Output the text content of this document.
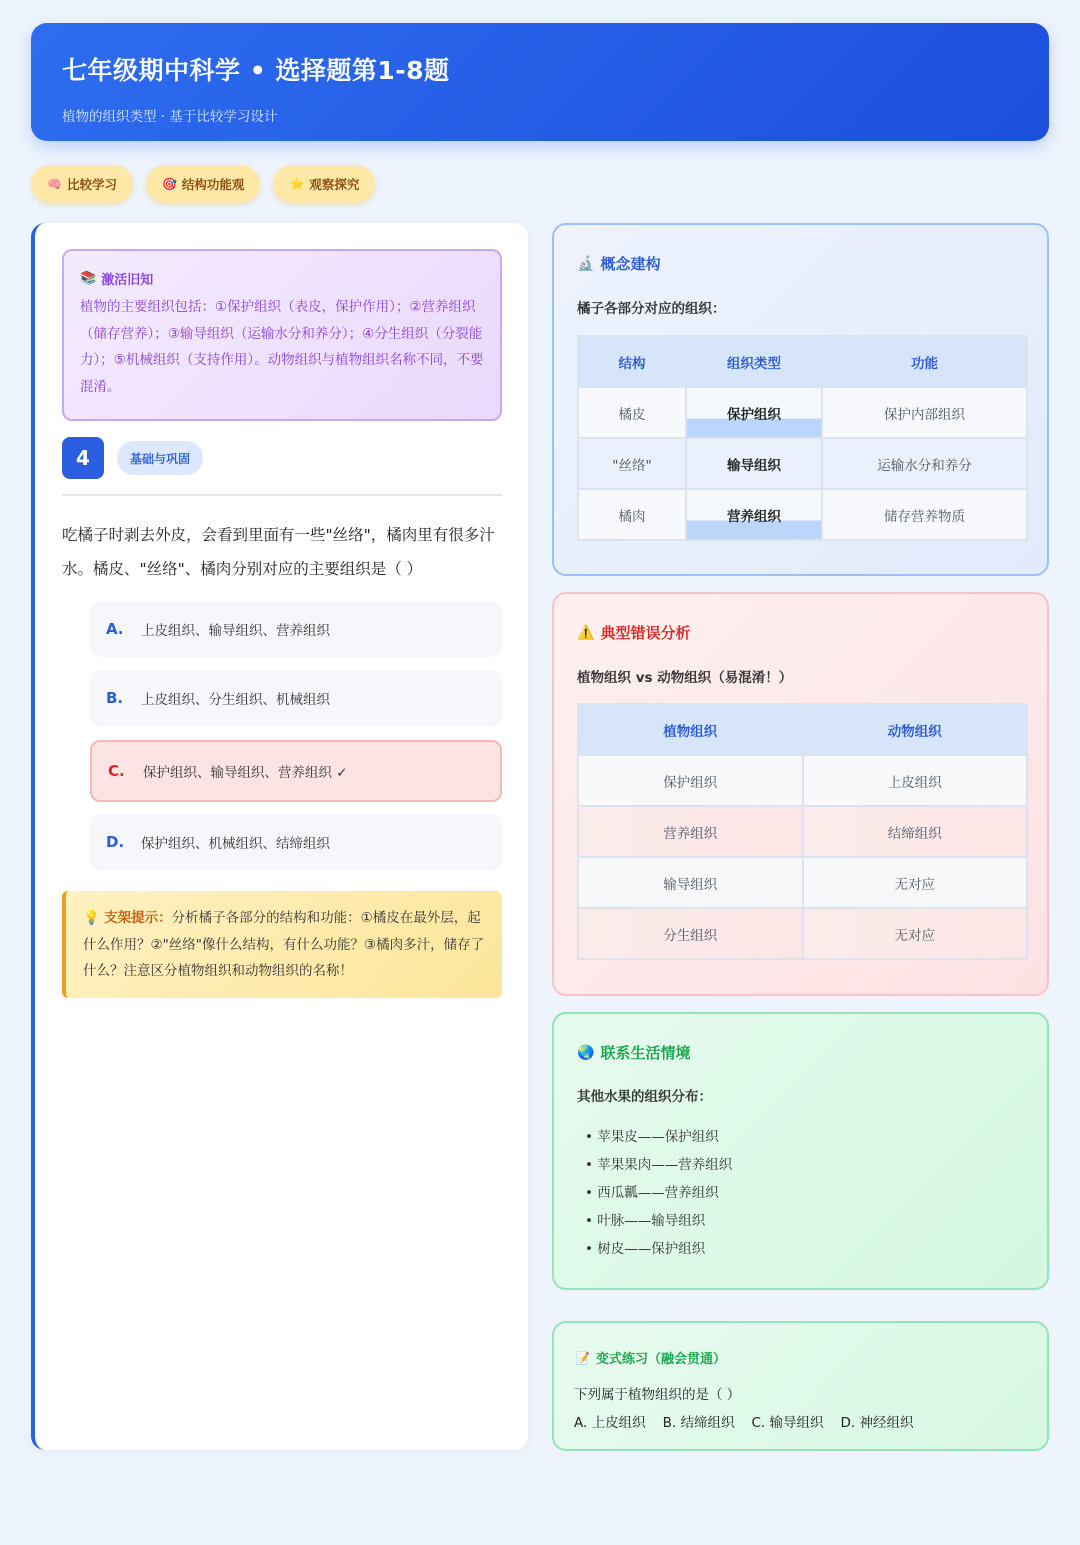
七年级期中科学 • 选择题第1-8题
植物的组织类型 · 基于比较学习设计
🧠 比较学习	🎯 结构功能观	⭐ 观察探究
📚 激活旧知
植物的主要组织包括：①保护组织（表皮，保护作用）；②营养组织（储存营养）；③输导组织（运输水分和养分）；④分生组织（分裂能力）；⑤机械组织（支持作用）。动物组织与植物组织名称不同，不要混淆。
4	基础与巩固
吃橘子时剥去外皮，会看到里面有一些"丝络"，橘肉里有很多汁水。橘皮、"丝络"、橘肉分别对应的主要组织是（ ）
A.	上皮组织、输导组织、营养组织
B.	上皮组织、分生组织、机械组织
C.	保护组织、输导组织、营养组织 ✓
D.	保护组织、机械组织、结缔组织
💡 支架提示：分析橘子各部分的结构和功能：①橘皮在最外层，起什么作用？②"丝络"像什么结构，有什么功能？③橘肉多汁，储存了什么？注意区分植物组织和动物组织的名称！
🔬 概念建构
橘子各部分对应的组织：
结构	组织类型	功能
橘皮	保护组织	保护内部组织
"丝络"	输导组织	运输水分和养分
橘肉	营养组织	储存营养物质
⚠️ 典型错误分析
植物组织 vs 动物组织（易混淆！）
植物组织	动物组织
保护组织	上皮组织
营养组织	结缔组织
输导组织	无对应
分生组织	无对应
🌏 联系生活情境
其他水果的组织分布：
• 苹果皮——保护组织
• 苹果果肉——营养组织
• 西瓜瓤——营养组织
• 叶脉——输导组织
• 树皮——保护组织
📝 变式练习（融会贯通）
下列属于植物组织的是（ ）
A. 上皮组织 B. 结缔组织 C. 输导组织 D. 神经组织
